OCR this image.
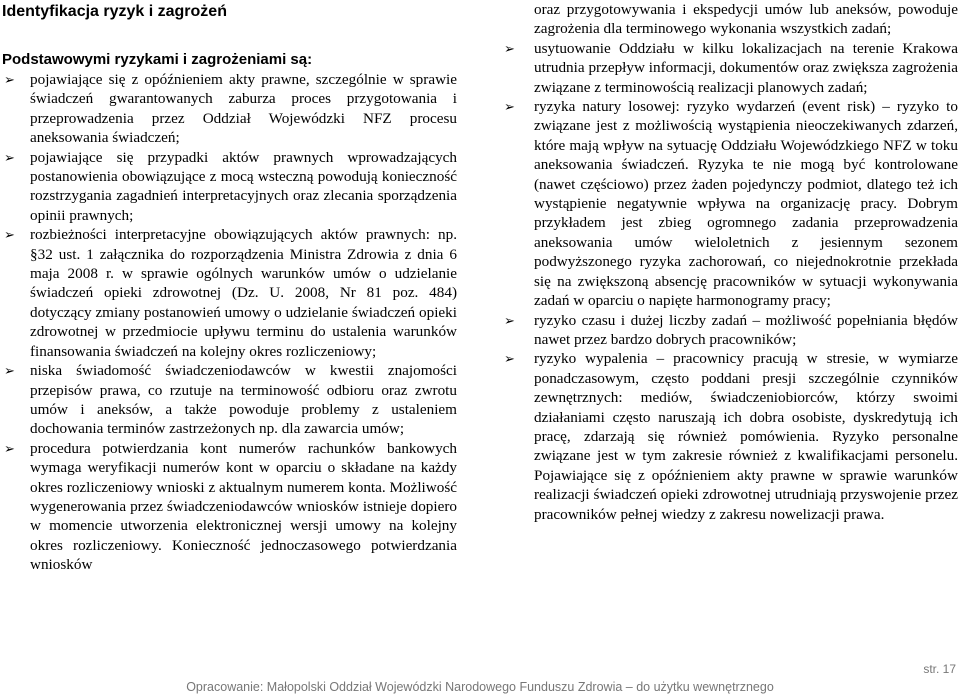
Identyfikacja ryzyk i zagrożeń
Podstawowymi ryzykami i zagrożeniami są:
➢ pojawiające się z opóźnieniem akty prawne, szczególnie w sprawie świadczeń gwarantowanych zaburza proces przygotowania i przeprowadzenia przez Oddział Wojewódzki NFZ procesu aneksowania świadczeń;
➢ pojawiające się przypadki aktów prawnych wprowadzających postanowienia obowiązujące z mocą wsteczną powodują konieczność rozstrzygania zagadnień interpretacyjnych oraz zlecania sporządzenia opinii prawnych;
➢ rozbieżności interpretacyjne obowiązujących aktów prawnych: np. §32 ust. 1 załącznika do rozporządzenia Ministra Zdrowia z dnia 6 maja 2008 r. w sprawie ogólnych warunków umów o udzielanie świadczeń opieki zdrowotnej (Dz. U. 2008, Nr 81 poz. 484) dotyczący zmiany postanowień umowy o udzielanie świadczeń opieki zdrowotnej w przedmiocie upływu terminu do ustalenia warunków finansowania świadczeń na kolejny okres rozliczeniowy;
➢ niska świadomość świadczeniodawców w kwestii znajomości przepisów prawa, co rzutuje na terminowość odbioru oraz zwrotu umów i aneksów, a także powoduje problemy z ustaleniem dochowania terminów zastrzeżonych np. dla zawarcia umów;
➢ procedura potwierdzania kont numerów rachunków bankowych wymaga weryfikacji numerów kont w oparciu o składane na każdy okres rozliczeniowy wnioski z aktualnym numerem konta. Możliwość wygenerowania przez świadczeniodawców wniosków istnieje dopiero w momencie utworzenia elektronicznej wersji umowy na kolejny okres rozliczeniowy. Konieczność jednoczasowego potwierdzania wniosków

oraz przygotowywania i ekspedycji umów lub aneksów, powoduje zagrożenia dla terminowego wykonania wszystkich zadań;

➢	usytuowanie Oddziału w kilku lokalizacjach na terenie Krakowa utrudnia przepływ informacji, dokumentów oraz zwiększa zagrożenia związane z terminowością realizacji planowych zadań;
➢	ryzyka natury losowej: ryzyko wydarzeń (event risk) – ryzyko to związane jest z możliwością wystąpienia nieoczekiwanych zdarzeń, które mają wpływ na sytuację Oddziału Wojewódzkiego NFZ w toku aneksowania świadczeń. Ryzyka te nie mogą być kontrolowane (nawet częściowo) przez żaden pojedynczy podmiot, dlatego też ich wystąpienie negatywnie wpływa na organizację pracy. Dobrym przykładem jest zbieg ogromnego zadania przeprowadzenia aneksowania umów wieloletnich z jesiennym sezonem podwyższonego ryzyka zachorowań, co niejednokrotnie przekłada się na zwiększoną absencję pracowników w sytuacji wykonywania zadań w oparciu o napięte harmonogramy pracy;
➢	ryzyko czasu i dużej liczby zadań – możliwość popełniania błędów nawet przez bardzo dobrych pracowników;
➢	ryzyko wypalenia – pracownicy pracują w stresie, w wymiarze ponadczasowym, często poddani presji szczególnie czynników zewnętrznych: mediów, świadczeniobiorców, którzy swoimi działaniami często naruszają ich dobra osobiste, dyskredytują ich pracę, zdarzają się również pomówienia. Ryzyko personalne związane jest w tym zakresie również z kwalifikacjami personelu. Pojawiające się z opóźnieniem akty prawne w sprawie warunków realizacji świadczeń opieki zdrowotnej utrudniają przyswojenie przez pracowników pełnej wiedzy z zakresu nowelizacji prawa.
str. 17
Opracowanie: Małopolski Oddział Wojewódzki Narodowego Funduszu Zdrowia – do użytku wewnętrznego
